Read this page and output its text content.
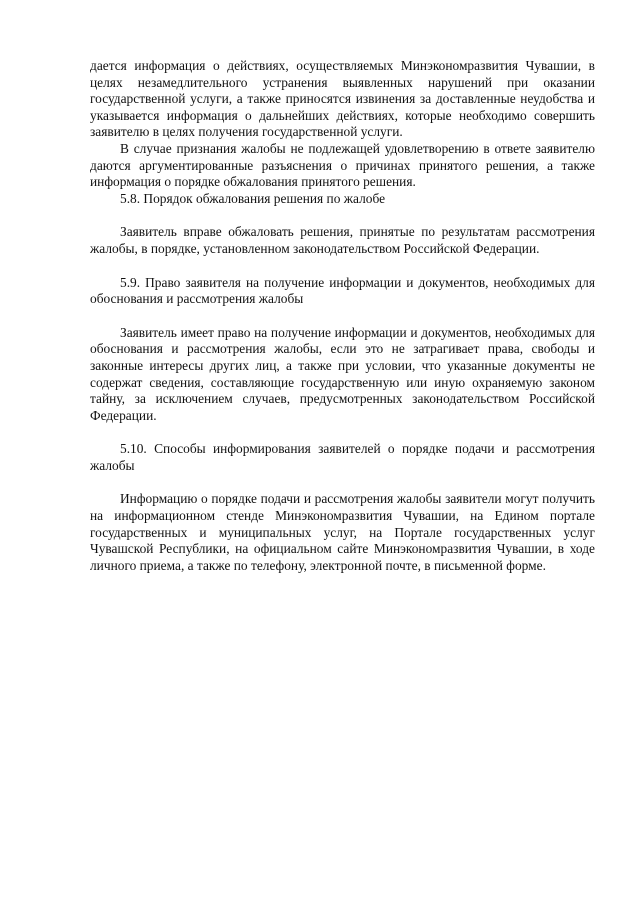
дается информация о действиях, осуществляемых Минэкономразвития Чувашии, в целях незамедлительного устранения выявленных нарушений при оказании государственной услуги, а также приносятся извинения за доставленные неудобства и указывается информация о дальнейших действиях, которые необходимо совершить заявителю в целях получения государственной услуги.

В случае признания жалобы не подлежащей удовлетворению в ответе заявителю даются аргументированные разъяснения о причинах принятого решения, а также информация о порядке обжалования принятого решения.

5.8. Порядок обжалования решения по жалобе

Заявитель вправе обжаловать решения, принятые по результатам рассмотрения жалобы, в порядке, установленном законодательством Российской Федерации.

5.9. Право заявителя на получение информации и документов, необходимых для обоснования и рассмотрения жалобы

Заявитель имеет право на получение информации и документов, необходимых для обоснования и рассмотрения жалобы, если это не затрагивает права, свободы и законные интересы других лиц, а также при условии, что указанные документы не содержат сведения, составляющие государственную или иную охраняемую законом тайну, за исключением случаев, предусмотренных законодательством Российской Федерации.

5.10. Способы информирования заявителей о порядке подачи и рассмотрения жалобы

Информацию о порядке подачи и рассмотрения жалобы заявители могут получить на информационном стенде Минэкономразвития Чувашии, на Едином портале государственных и муниципальных услуг, на Портале государственных услуг Чувашской Республики, на официальном сайте Минэкономразвития Чувашии, в ходе личного приема, а также по телефону, электронной почте, в письменной форме.
